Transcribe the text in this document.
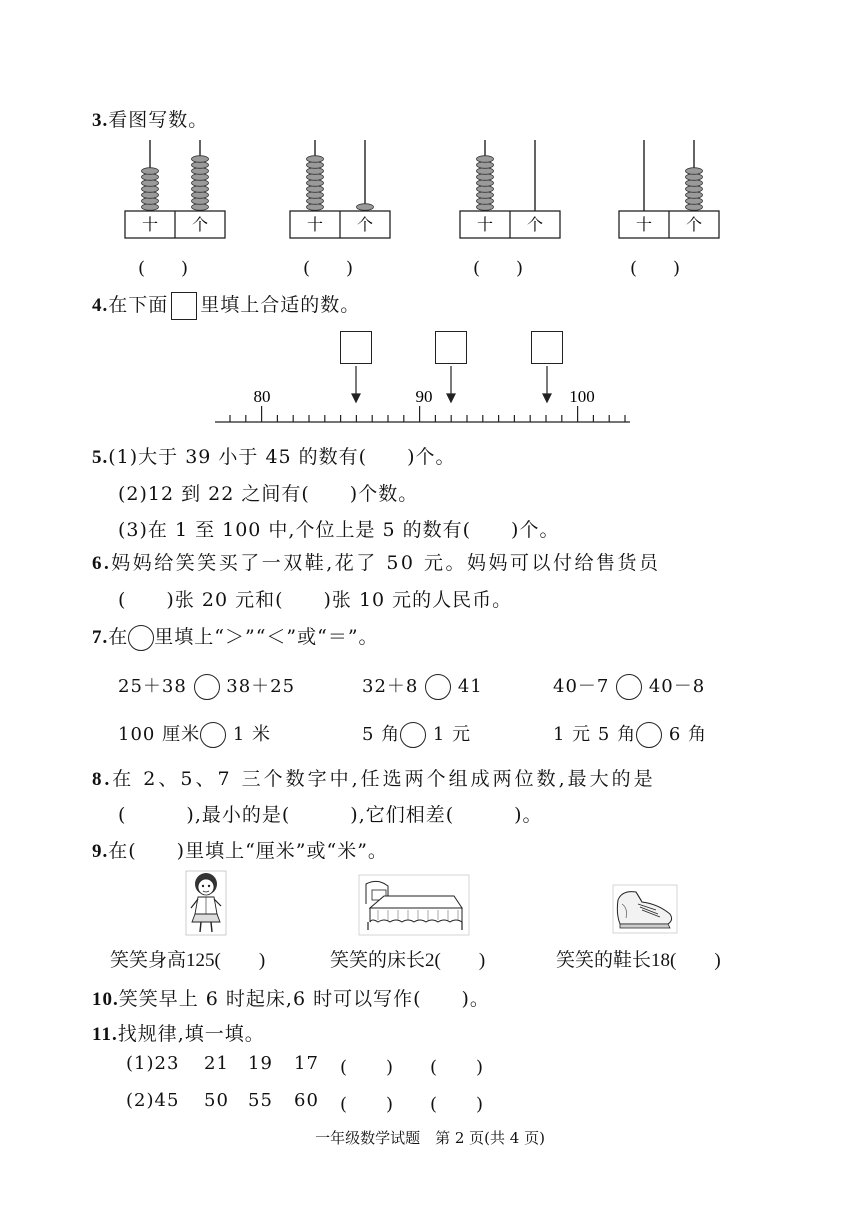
3.看图写数。
十 个	十 个	十 个	十 个
(　　)	(　　)	(　　)	(　　)
4.在下面 里填上合适的数。
80	90	100
5.(1)大于 39 小于 45 的数有(　　)个。
(2)12 到 22 之间有(　　)个数。
(3)在 1 至 100 中,个位上是 5 的数有(　　)个。
6.妈妈给笑笑买了一双鞋,花了 50 元。妈妈可以付给售货员
(　　)张 20 元和(　　)张 10 元的人民币。
7.在 里填上“＞”“＜”或“＝”。
25＋38 38＋25	32＋8 41	40－7 40－8
100 厘米 1 米	5 角 1 元	1 元 5 角 6 角
8.在 2、5、7 三个数字中,任选两个组成两位数,最大的是
(　　　),最小的是(　　　),它们相差(　　　)。
9.在(　　)里填上“厘米”或“米”。
笑笑身高125(　　)	笑笑的床长2(　　)	笑笑的鞋长18(　　)
10.笑笑早上 6 时起床,6 时可以写作(　　)。
11.找规律,填一填。
(1)23 21 19 17 (　　) (　　)
(2)45 50 55 60 (　　) (　　)
一年级数学试题　第 2 页(共 4 页)
